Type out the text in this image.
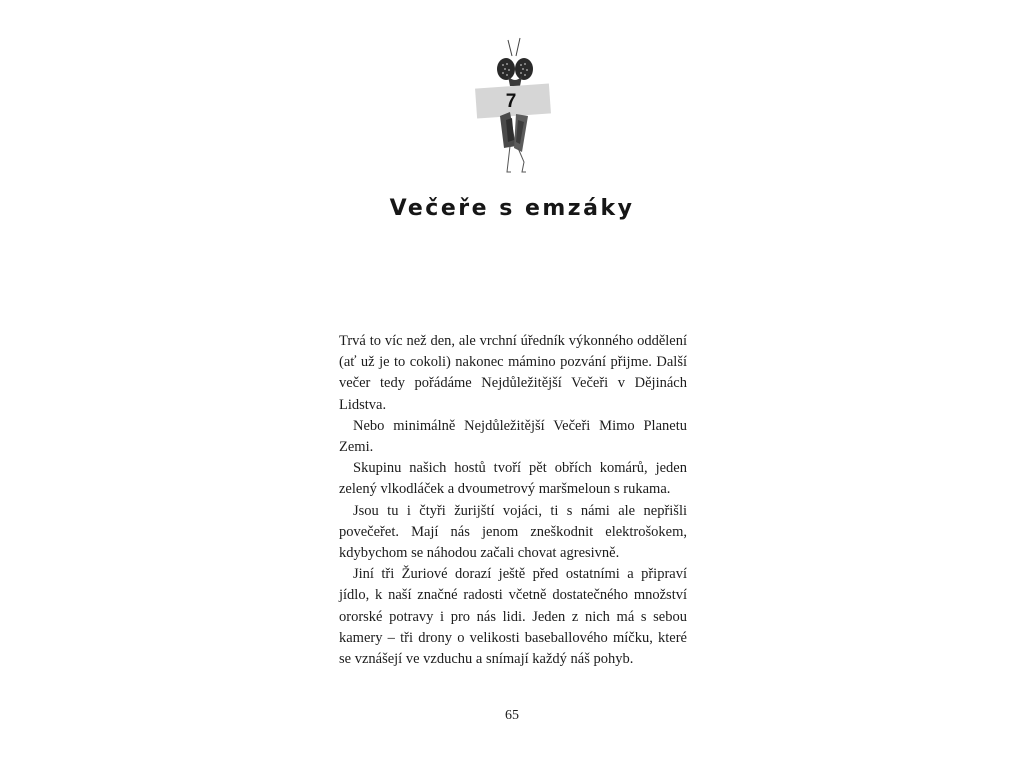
7
Večeře s emzáky

Trvá to víc než den, ale vrchní úředník výkonného oddělení (ať už je to cokoli) nakonec mámino pozvání přijme. Další večer tedy pořádáme Nejdůležitější Večeři v Dějinách Lidstva.

Nebo minimálně Nejdůležitější Večeři Mimo Planetu Zemi.

Skupinu našich hostů tvoří pět obřích komárů, jeden zelený vlkodláček a dvoumetrový maršmeloun s rukama.

Jsou tu i čtyři žurijští vojáci, ti s námi ale nepřišli povečeřet. Mají nás jenom zneškodnit elektrošokem, kdybychom se náhodou začali chovat agresivně.

Jiní tři Žuriové dorazí ještě před ostatními a připraví jídlo, k naší značné radosti včetně dostatečného množství ororské potravy i pro nás lidi. Jeden z nich má s sebou kamery – tři drony o velikosti baseballového míčku, které se vznášejí ve vzduchu a snímají každý náš pohyb.

65
